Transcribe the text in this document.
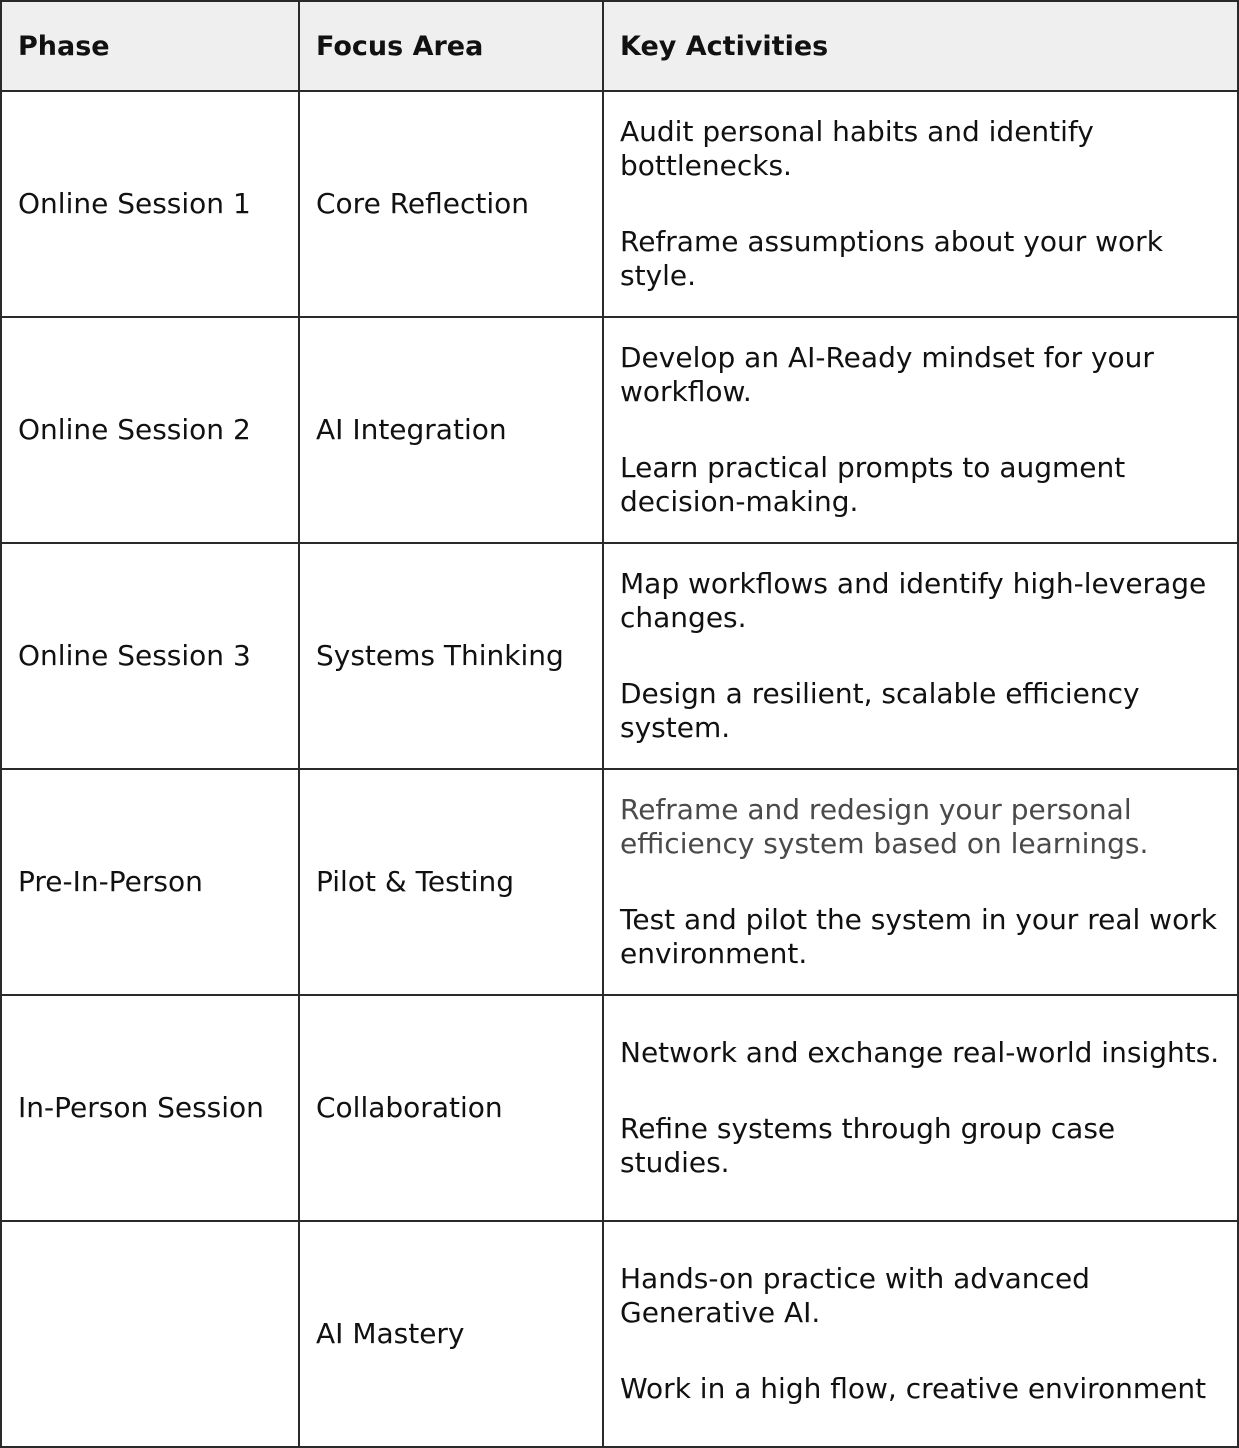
Phase	Focus Area	Key Activities
Online Session 1	Core Reflection	Audit personal habits and identify bottlenecks.
Reframe assumptions about your work style.

Online Session 2	AI Integration	Develop an AI-Ready mindset for your workflow.
Learn practical prompts to augment decision-making.

Online Session 3	Systems Thinking	Map workflows and identify high-leverage changes.
Design a resilient, scalable efficiency system.

Pre-In-Person	Pilot & Testing	Reframe and redesign your personal efficiency system based on learnings.
Test and pilot the system in your real work environment.

In-Person Session	Collaboration	Network and exchange real-world insights.
Refine systems through group case studies.

	AI Mastery	Hands-on practice with advanced Generative AI.
Work in a high flow, creative environment
